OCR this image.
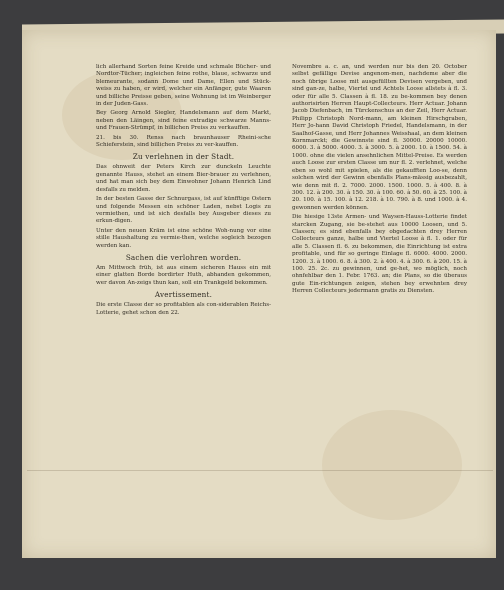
lich allerhand Sorten feine Kreide und schmale Bücher- und Nordtor-Tücher; ingleichen feine rothe, blaue, schwarze und blemeurante, sodann Dome und Dame, Ellen und Stück-weiss zu haben, er wird, welcher ein Anfänger, gute Waaren und billiche Preisse geben, seine Wohnung ist im Weinberger in der Juden-Gass.

Bey Georg Arnold Siegler, Handelsmann auf dem Markt, neben den Läingen, sind feine extradige schwarze Manns- und Frauen-Strümpf, in billichen Preiss zu verkauffen.

21. bis 30. Renss nach braunhauser Rheini-sche Schieferstein, sind billichen Preiss zu ver-kauffen.

Zu verlehnen in der Stadt.

Das ohnweit der Peters Kirch zur dunckeln Leuchte genannte Hauss, stehet an einem Bier-brauer zu verlehnen, und hat man sich bey dem Einwohner Johann Henrich Lind desfalls zu melden.

In der besten Gasse der Schnurgass, ist auf künfftige Ostern und folgende Messen ein schöner Laden, nebst Logis zu vermiethen, und ist sich desfalls bey Ausgeber dieses zu erkun-digen.

Unter den neuen Kräm ist eine schöne Woh-nung vor eine stille Haushaltung zu vermie-then, welche sogleich bezogen werden kan.

Sachen die verlohren worden.

Am Mittwoch früh, ist aus einem sicheren Hauss ein mit einer glatten Borde bordirter Huth, abhanden gekommen, wer davon An-zeigs thun kan, soll ein Trankgeld bekommen.

Avertissement.

Die erste Classe der so profitablen als con-siderablen Reichs-Lotterie, gehet schon den 22.

Novembre a. c. an, und werden nur bis den 20. October selbst gefällige Devise angenom-men, nachdeme aber die noch übrige Loose mit ausgefüllten Devisen vergeben, und sind gan-ze, halbe, Viertel und Achtels Loose allstets à fl. 3. oder für alle 5. Classen à fl. 18. zu be-kommen bey denen authorisirten Herren Haupt-Collecteurs. Herr Actuar. Johann Jacob Diefenbach, im Türckenschus an der Zeil, Herr Actuar. Philipp Christoph Nord-mann, am kleinen Hirschgraben, Herr Jo-hann David Christoph Friedel, Handelsmann, in der Saalhof-Gasse, und Herr Johannes Weisshaal, an dem kleinen Kornmarckt; die Gewinnste sind fl. 30000. 20000 10000. 6000. 3. à 5000. 4000. 3. à 3000. 5. à 2000. 10. à 1500. 54. à 1000. ohne die vielen ansehnlichen Mittel-Preise. Es werden auch Loose zur ersten Classe um nur fl. 2. verlehnet, welche eben so wohl mit spielen, als die gekaufften Loo-se, denn solchen wird der Gewinn ebenfalls Plans-mässig ausbezahlt, wie denn mit fl. 2. 7000. 2000. 1500. 1000. 5. à 400. 8. à 300. 12. à 200. 30. à 150. 30. à 100. 60. à 50. 60. à 25. 100. à 20. 100. à 15. 100. à 12. 218. à 10. 790. à 8. und 1000. à 4. gewonnen werden können.

Die hiesige 13ste Armen- und Waysen-Hauss-Lotterie findet starcken Zugang, sie be-stehet aus 10000 Loosen, und 5. Classen; es sind ebenfalls bey obgedachten drey Herren Collecteurs ganze, halbe und Viertel Loose à fl. 1. oder für alle 5. Classen fl. 6. zu bekommen, die Einrichtung ist extra profitable, und für so geringe Einlage fl. 6000. 4000. 2000. 1200. 3. à 1000. 6. 8. à 300. 2. à 400. 4. à 300. 6. à 200. 15. à 100. 25. 2c. zu gewinnen, und ge-het, wo möglich, noch ohnfehlbar den 1. Febr. 1763. an; die Plans, so die überaus gute Ein-richtungen zeigen, stehen bey erwehnten drey Herren Collecteurs jedermann gratis zu Diensten.
